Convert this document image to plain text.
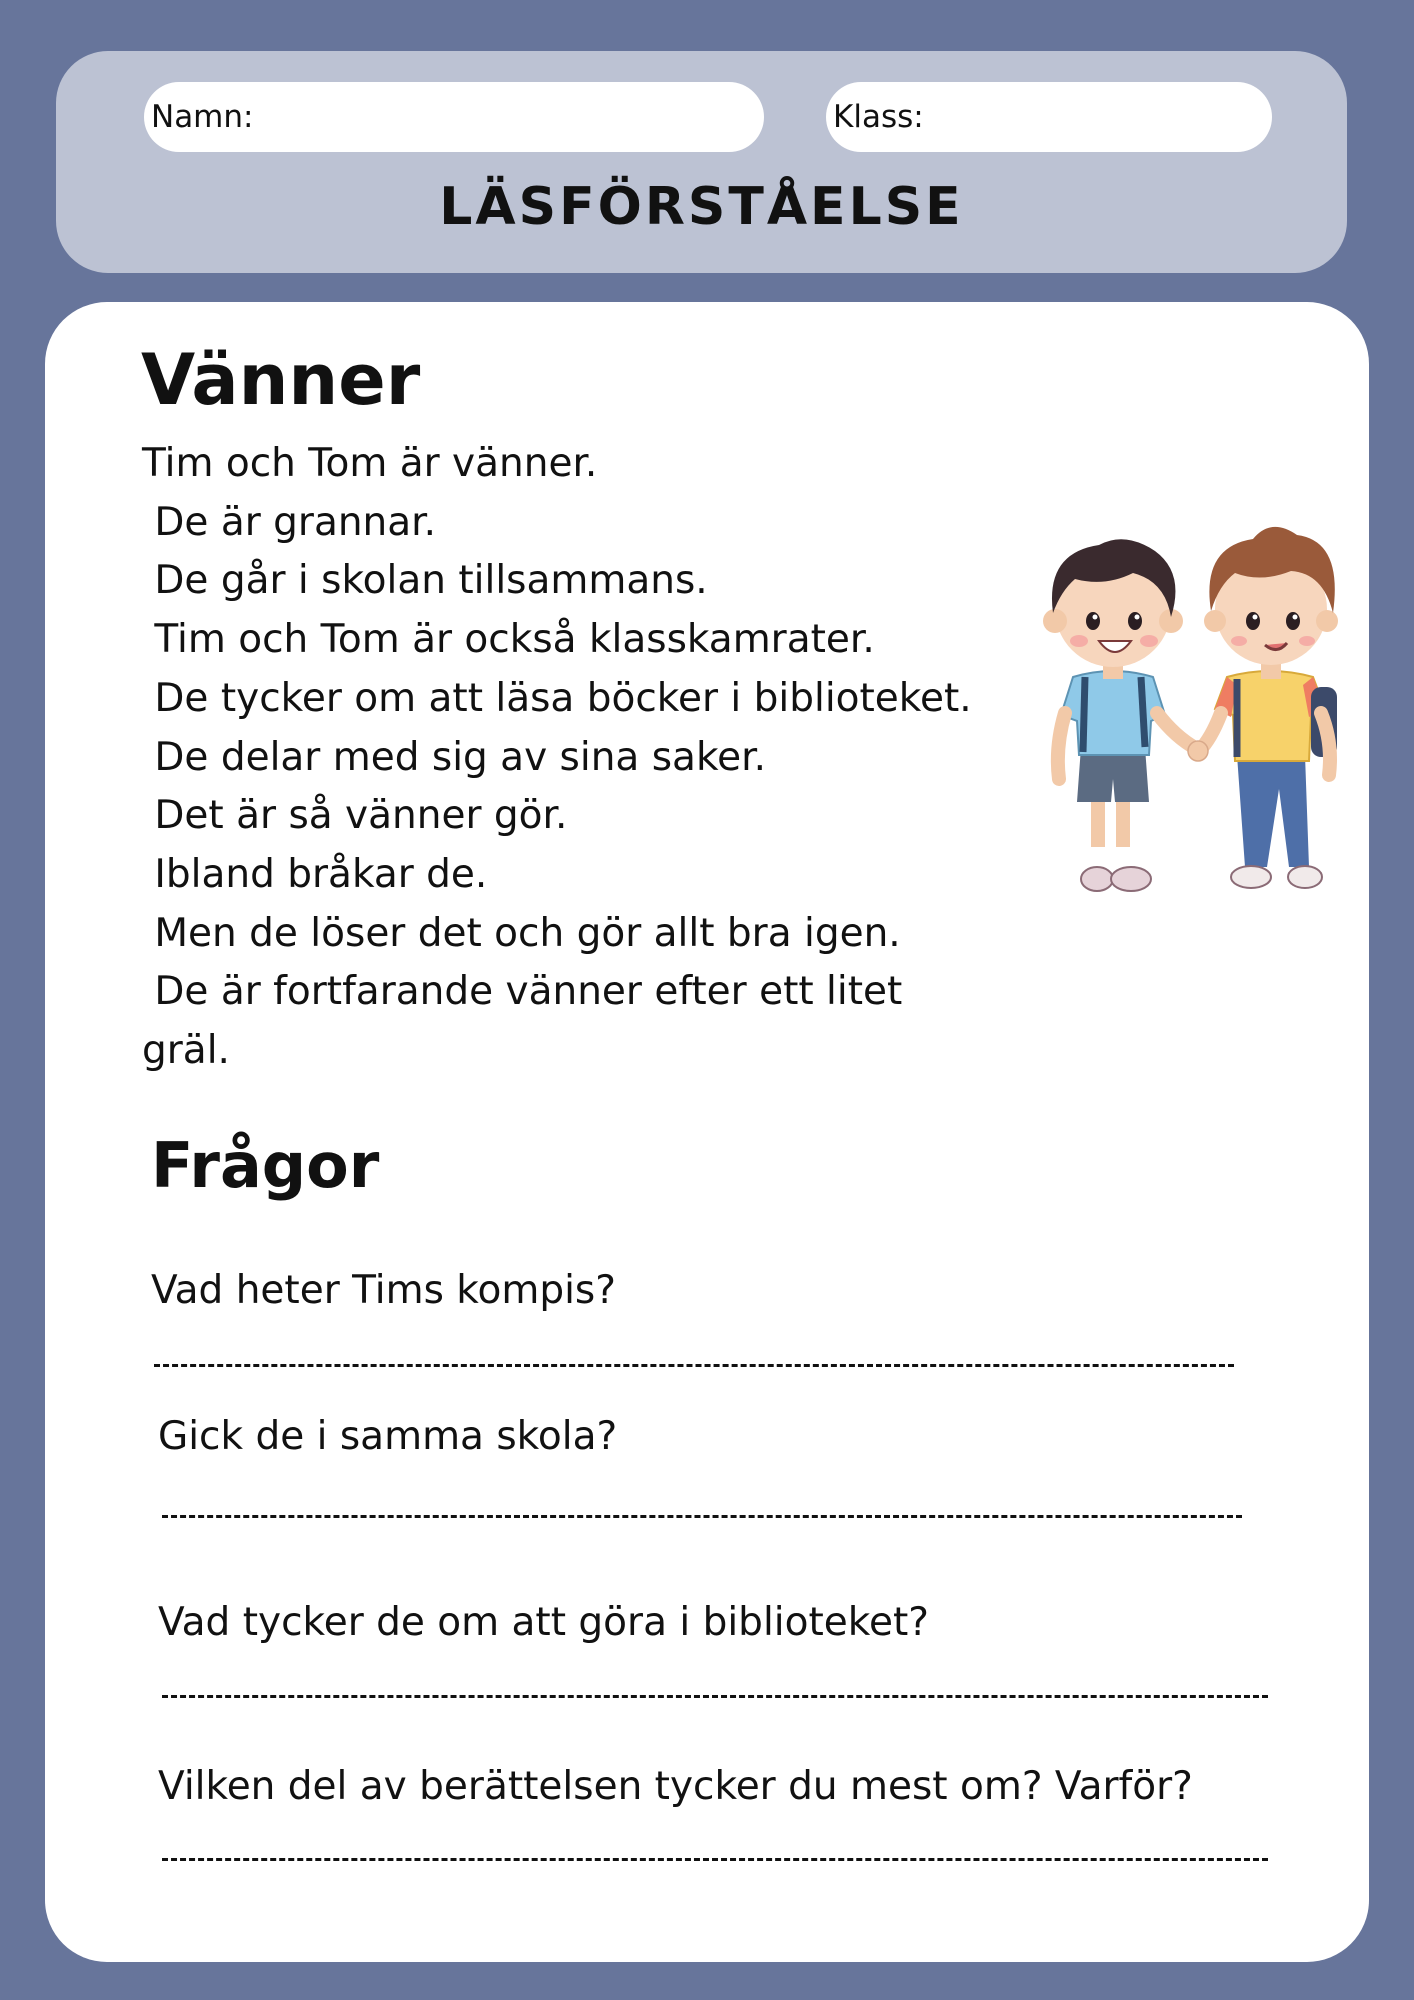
Namn:	Klass:
LÄSFÖRSTÅELSE
Vänner

Tim och Tom är vänner.
De är grannar.
De går i skolan tillsammans.
Tim och Tom är också klasskamrater.
De tycker om att läsa böcker i biblioteket.
De delar med sig av sina saker.
Det är så vänner gör.
Ibland bråkar de.
Men de löser det och gör allt bra igen.
De är fortfarande vänner efter ett litet
gräl.

Frågor

Vad heter Tims kompis?

Gick de i samma skola?

Vad tycker de om att göra i biblioteket?

Vilken del av berättelsen tycker du mest om? Varför?
